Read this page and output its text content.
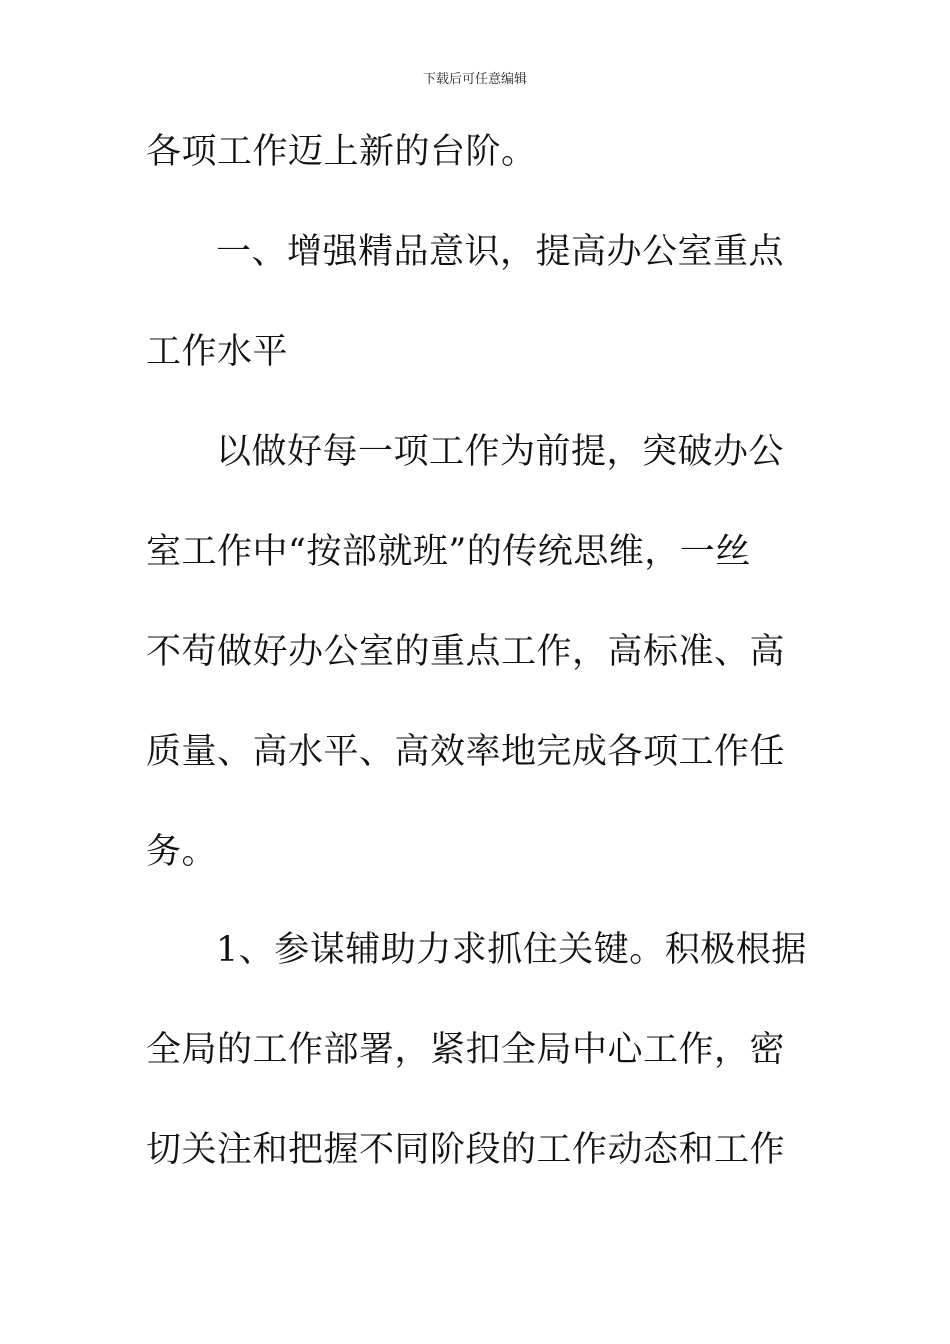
下载后可任意编辑
各项工作迈上新的台阶。
一、增强精品意识，提高办公室重点
工作水平
以做好每一项工作为前提，突破办公
室工作中“按部就班”的传统思维，一丝
不苟做好办公室的重点工作，高标准、高
质量、高水平、高效率地完成各项工作任
务。
1、参谋辅助力求抓住关键。积极根据
全局的工作部署，紧扣全局中心工作，密
切关注和把握不同阶段的工作动态和工作
